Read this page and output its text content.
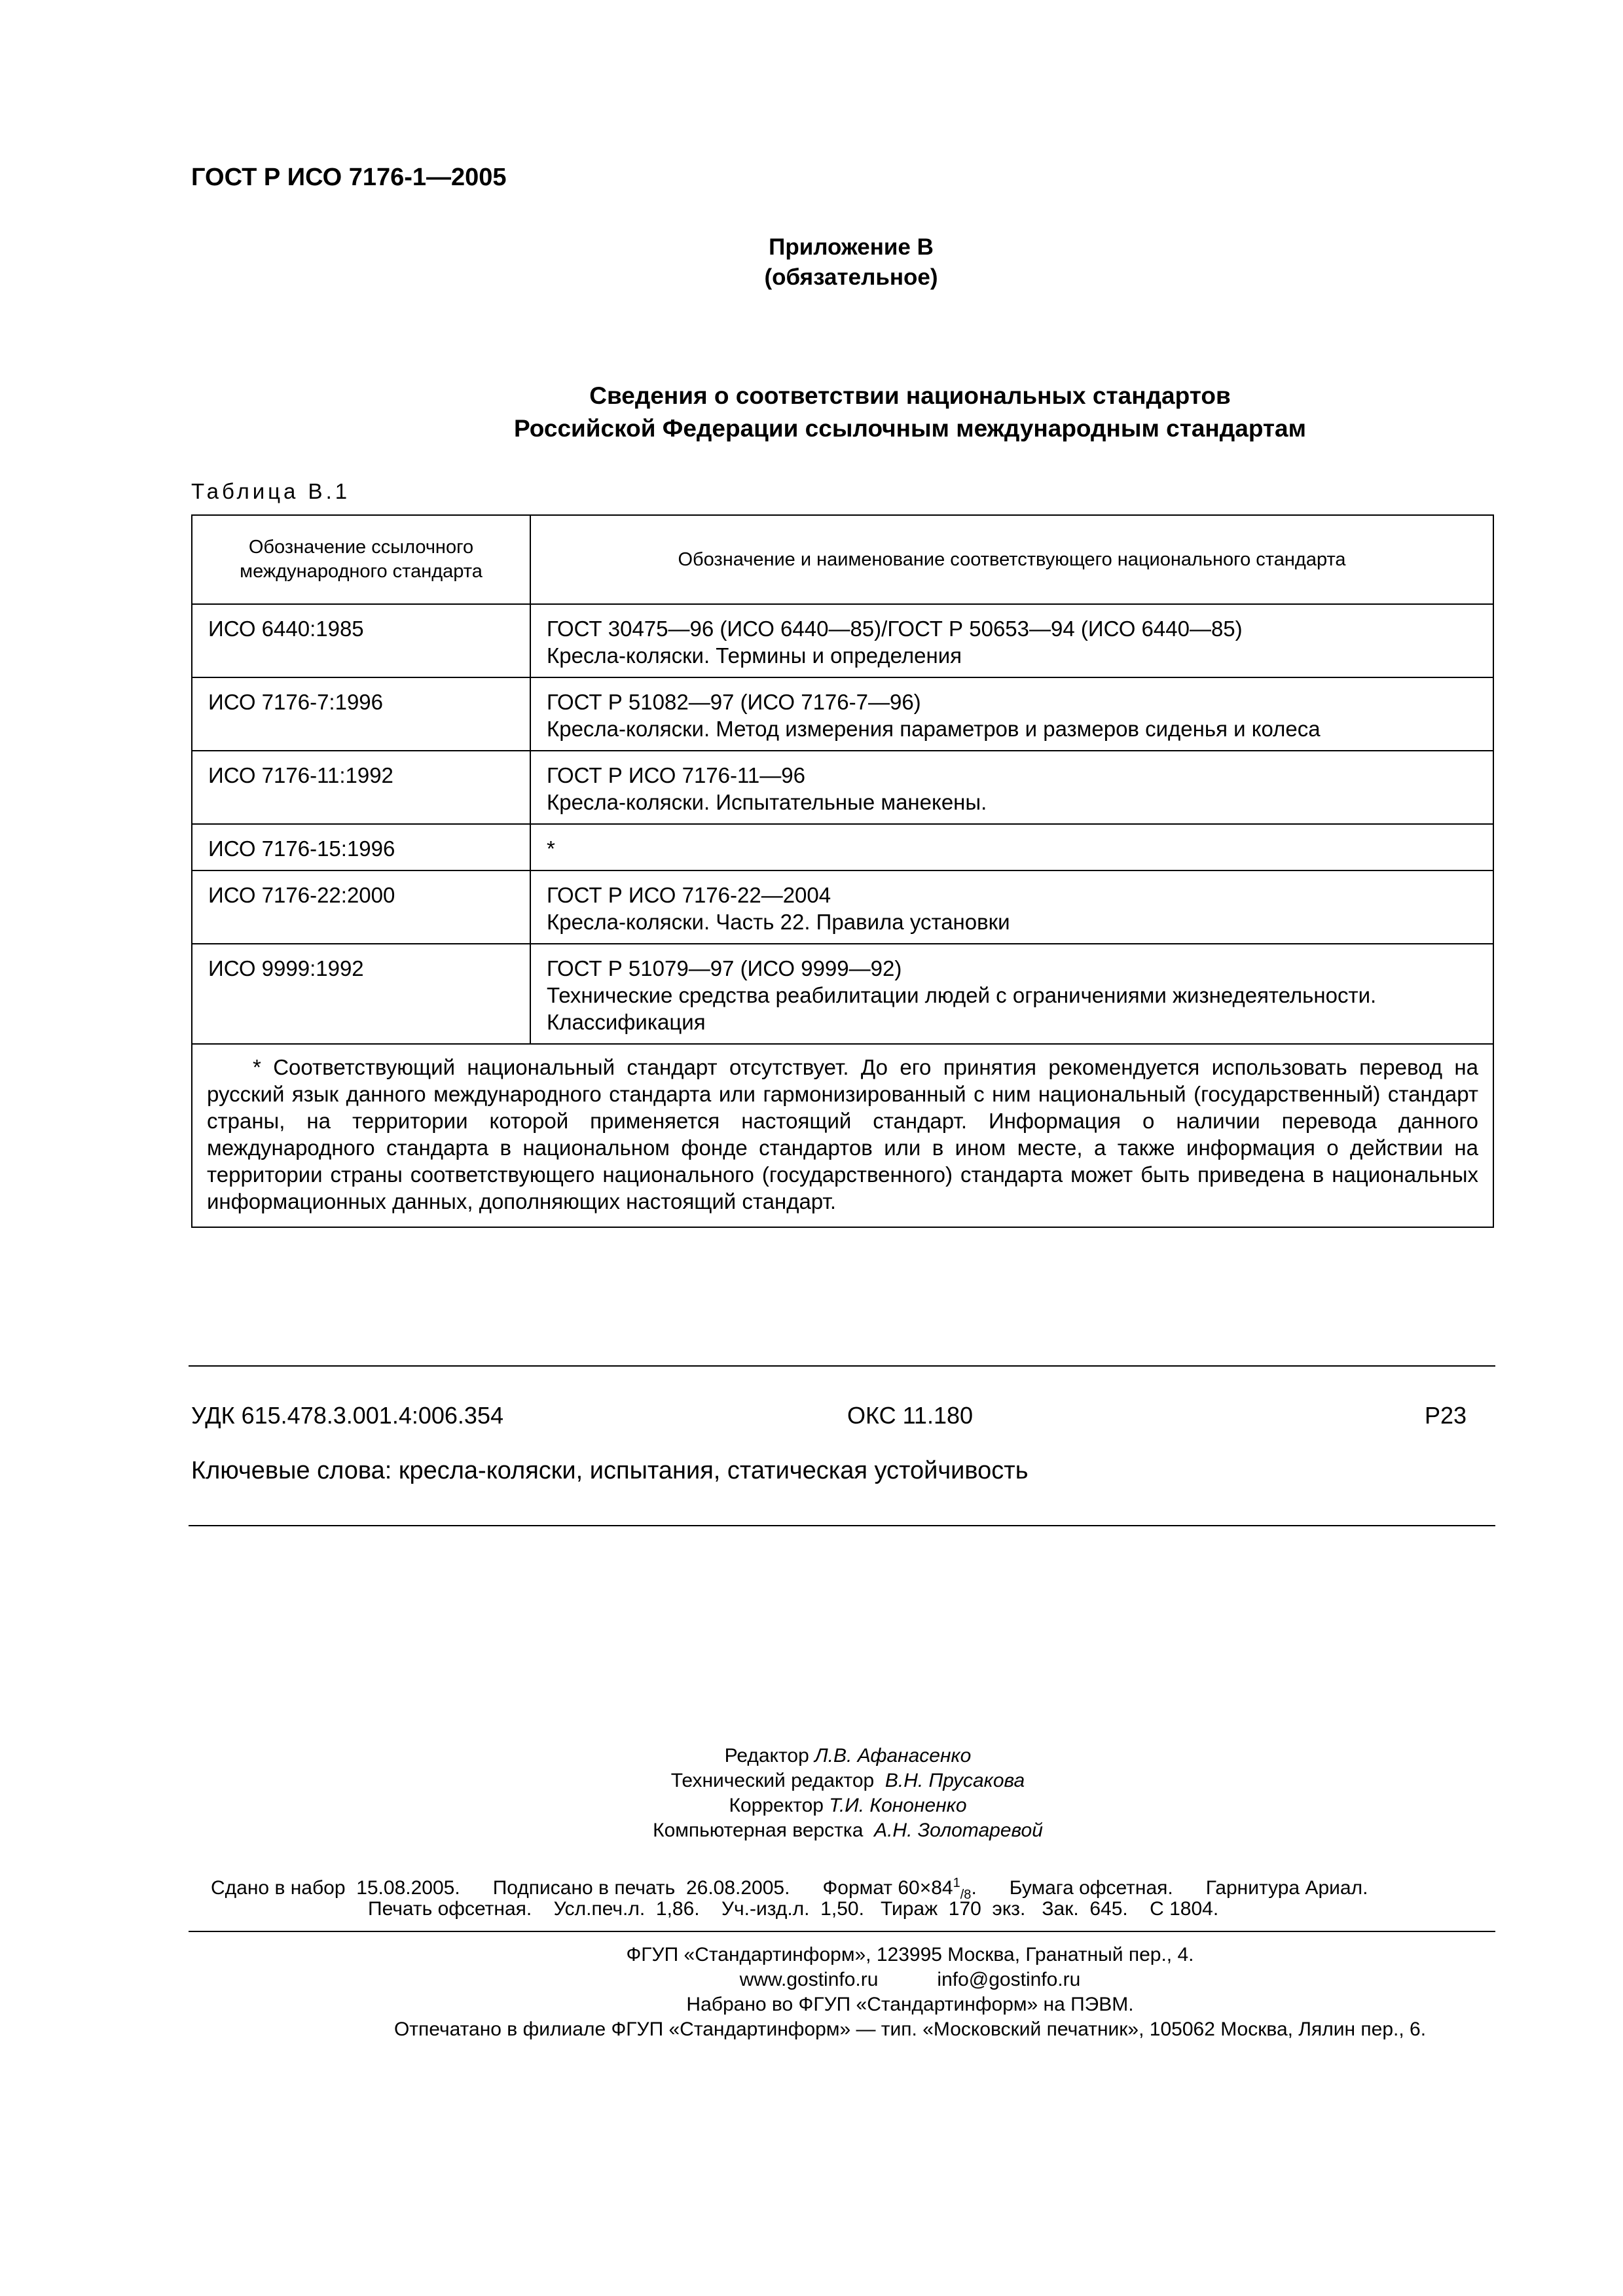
ГОСТ Р ИСО 7176-1—2005
Приложение В
(обязательное)
Сведения о соответствии национальных стандартов
Российской Федерации ссылочным международным стандартам
Таблица В.1
Обозначение ссылочного международного стандарта	Обозначение и наименование соответствующего национального стандарта
ИСО 6440:1985	ГОСТ 30475—96 (ИСО 6440—85)/ГОСТ Р 50653—94 (ИСО 6440—85)
Кресла-коляски. Термины и определения

ИСО 7176-7:1996	ГОСТ Р 51082—97 (ИСО 7176-7—96)
Кресла-коляски. Метод измерения параметров и размеров сиденья и колеса

ИСО 7176-11:1992	ГОСТ Р ИСО 7176-11—96
Кресла-коляски. Испытательные манекены.

ИСО 7176-15:1996	*

ИСО 7176-22:2000	ГОСТ Р ИСО 7176-22—2004
Кресла-коляски. Часть 22. Правила установки

ИСО 9999:1992	ГОСТ Р 51079—97 (ИСО 9999—92)
Технические средства реабилитации людей с ограничениями жизнедеятельности.
Классификация

* Соответствующий национальный стандарт отсутствует. До его принятия рекомендуется использовать перевод на русский язык данного международного стандарта или гармонизированный с ним национальный (государственный) стандарт страны, на территории которой применяется настоящий стандарт. Информация о наличии перевода данного международного стандарта в национальном фонде стандартов или в ином месте, а также информация о действии на территории страны соответствующего национального (государственного) стандарта может быть приведена в национальных информационных данных, дополняющих настоящий стандарт.	
УДК 615.478.3.001.4:006.354	ОКС 11.180	Р23
Ключевые слова: кресла-коляски, испытания, статическая устойчивость
Редактор Л.В. Афанасенко
Технический редактор В.Н. Прусакова
Корректор Т.И. Кононенко
Компьютерная верстка А.Н. Золотаревой
Сдано в набор  15.08.2005. Подписано в печать  26.08.2005. Формат $60\times 84^1_{/8}$. Бумага офсетная. Гарнитура Ариал.
Печать офсетная. Усл.печ.л.  1,86. Уч.-изд.л.  1,50. Тираж  170  экз. Зак.  645. С 1804.
ФГУП «Стандартинформ», 123995 Москва, Гранатный пер., 4.
www.gostinfo.ru	info@gostinfo.ru
Набрано во ФГУП «Стандартинформ» на ПЭВМ.
Отпечатано в филиале ФГУП «Стандартинформ» — тип. «Московский печатник», 105062 Москва, Лялин пер., 6.
